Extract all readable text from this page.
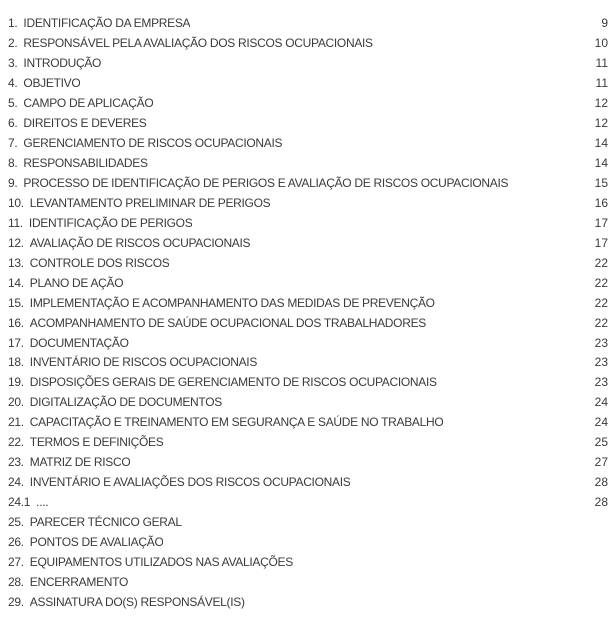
1. IDENTIFICAÇÃO DA EMPRESA	9
2. RESPONSÁVEL PELA AVALIAÇÃO DOS RISCOS OCUPACIONAIS	10
3. INTRODUÇÃO	11
4. OBJETIVO	11
5. CAMPO DE APLICAÇÃO	12
6. DIREITOS E DEVERES	12
7. GERENCIAMENTO DE RISCOS OCUPACIONAIS	14
8. RESPONSABILIDADES	14
9. PROCESSO DE IDENTIFICAÇÃO DE PERIGOS E AVALIAÇÃO DE RISCOS OCUPACIONAIS	15
10. LEVANTAMENTO PRELIMINAR DE PERIGOS	16
11. IDENTIFICAÇÃO DE PERIGOS	17
12. AVALIAÇÃO DE RISCOS OCUPACIONAIS	17
13. CONTROLE DOS RISCOS	22
14. PLANO DE AÇÃO	22
15. IMPLEMENTAÇÃO E ACOMPANHAMENTO DAS MEDIDAS DE PREVENÇÃO	22
16. ACOMPANHAMENTO DE SAÚDE OCUPACIONAL DOS TRABALHADORES	22
17. DOCUMENTAÇÃO	23
18. INVENTÁRIO DE RISCOS OCUPACIONAIS	23
19. DISPOSIÇÕES GERAIS DE GERENCIAMENTO DE RISCOS OCUPACIONAIS	23
20. DIGITALIZAÇÃO DE DOCUMENTOS	24
21. CAPACITAÇÃO E TREINAMENTO EM SEGURANÇA E SAÚDE NO TRABALHO	24
22. TERMOS E DEFINIÇÕES	25
23. MATRIZ DE RISCO	27
24. INVENTÁRIO E AVALIAÇÕES DOS RISCOS OCUPACIONAIS	28
24.1 ....	28
25. PARECER TÉCNICO GERAL
26. PONTOS DE AVALIAÇÃO
27. EQUIPAMENTOS UTILIZADOS NAS AVALIAÇÕES
28. ENCERRAMENTO
29. ASSINATURA DO(S) RESPONSÁVEL(IS)
